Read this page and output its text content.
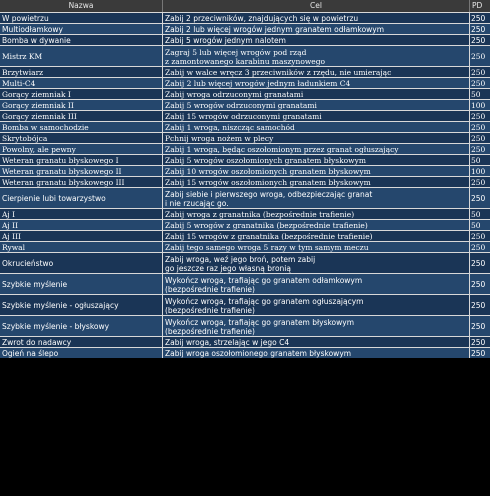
Nazwa	Cel	PD
W powietrzu	Zabij 2 przeciwników, znajdujących się w powietrzu	250
Multiodłamkowy	Zabij 2 lub więcej wrogów jednym granatem odłamkowym	250
Bomba w dywanie	Zabij 5 wrogów jednym nalotem	250
Mistrz KM	Zagraj 5 lub więcej wrogów pod rząd
z zamontowanego karabinu maszynowego	250
Brzytwiarz	Zabij w walce wręcz 3 przeciwników z rzędu, nie umierając	250
Multi-C4	Zabij 2 lub więcej wrogów jednym ładunkiem C4	250
Gorący ziemniak I	Zabij wroga odrzuconymi granatami	50
Gorący ziemniak II	Zabij 5 wrogów odrzuconymi granatami	100
Gorący ziemniak III	Zabij 15 wrogów odrzuconymi granatami	250
Bomba w samochodzie	Zabij 1 wroga, niszcząc samochód	250
Skrytobójca	Pchnij wroga nożem w plecy	250
Powolny, ale pewny	Zabij 1 wroga, będąc oszołomionym przez granat ogłuszający	250
Weteran granatu błyskowego I	Zabij 5 wrogów oszołomionych granatem błyskowym	50
Weteran granatu błyskowego II	Zabij 10 wrogów oszołomionych granatem błyskowym	100
Weteran granatu błyskowego III	Zabij 15 wrogów oszołomionych granatem błyskowym	250
Cierpienie lubi towarzystwo	Zabij siebie i pierwszego wroga, odbezpieczając granat
i nie rzucając go.	250
Aj I	Zabij wroga z granatnika (bezpośrednie trafienie)	50
Aj II	Zabij 5 wrogów z granatnika (bezpośrednie trafienie)	50
Aj III	Zabij 15 wrogów z granatnika (bezpośrednie trafienie)	250
Rywal	Zabij tego samego wroga 5 razy w tym samym meczu	250
Okrucieństwo	Zabij wroga, weź jego broń, potem zabij
go jeszcze raz jego własną bronią	250
Szybkie myślenie	Wykończ wroga, trafiając go granatem odłamkowym
(bezpośrednie trafienie)	250
Szybkie myślenie - ogłuszający	Wykończ wroga, trafiając go granatem ogłuszającym
(bezpośrednie trafienie)	250
Szybkie myślenie - błyskowy	Wykończ wroga, trafiając go granatem błyskowym
(bezpośrednie trafienie)	250
Zwrot do nadawcy	Zabij wroga, strzelając w jego C4	250
Ogień na ślepo	Zabij wroga oszołomionego granatem błyskowym	250
